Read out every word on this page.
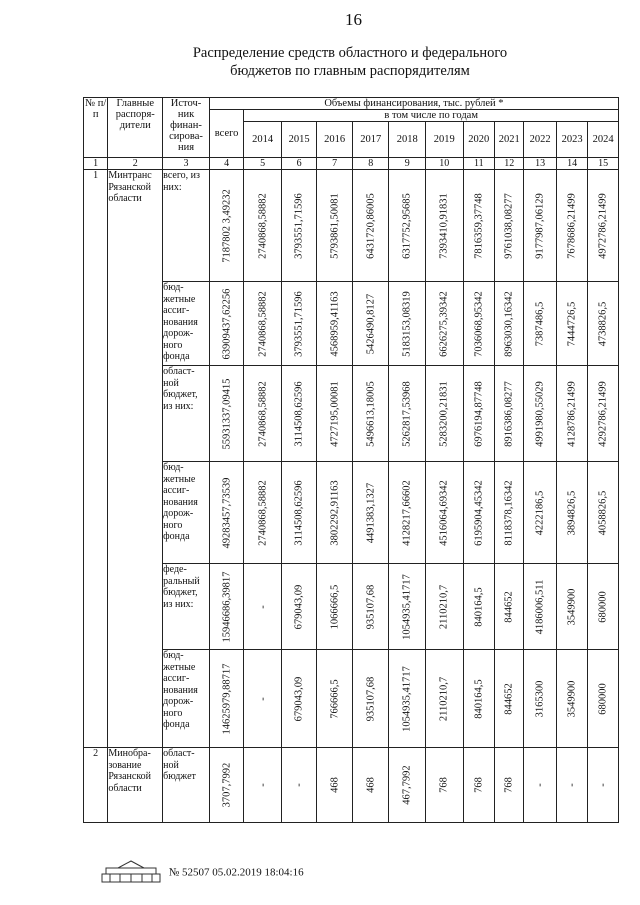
16
Распределение средств областного и федерального
бюджетов по главным распорядителям
№ п/п	Главные распоря-дители	Источ-ник финан-сирова-ния	Объемы финансирования, тыс. рублей *											
			всего	в том числе по годам										
				2014	2015	2016	2017	2018	2019	2020	2021	2022	2023	2024
1	2	3	4	5	6	7	8	9	10	11	12	13	14	15
1	Минтранс Рязанской области	всего, из них:	7187802 3,49232	2740868,58882	3793551,71596	5793861,50081	6431720,86005	6317752,95685	7393410,91831	7816359,37748	9761038,08277	9177987,06129	7678686,21499	4972786,21499

		бюд-жетные ассиг-нования дорож-ного фонда	63909437,62256	2740868,58882	3793551,71596	4568959,41163	5426490,8127	5183153,08319	6626275,39342	7036068,95342	8963030,16342	7387486,5	7444726,5	4738826,5

		област-ной бюджет, из них:	55931337,09415	2740868,58882	3114508,62596	4727195,00081	5496613,18005	5262817,53968	5283200,21831	6976194,87748	8916386,08277	4991980,55029	4128786,21499	4292786,21499

		бюд-жетные ассиг-нования дорож-ного фонда	49283457,73539	2740868,58882	3114508,62596	3802292,91163	4491383,1327	4128217,66602	4516064,69342	6195904,45342	8118378,16342	4222186,5	3894826,5	4058826,5

		феде-ральный бюджет, из них:	15946686,39817	-	679043,09	1066666,5	935107,68	1054935,41717	2110210,7	840164,5	844652	4186006,511	3549900	680000

		бюд-жетные ассиг-нования дорож-ного фонда	14625979,88717	-	679043,09	766666,5	935107,68	1054935,41717	2110210,7	840164,5	844652	3165300	3549900	680000

2	Минобра-зование Рязанской области	област-ной бюджет	3707,7992	-	-	468	468	467,7992	768	768	768	-	-	-
№ 52507 05.02.2019 18:04:16
